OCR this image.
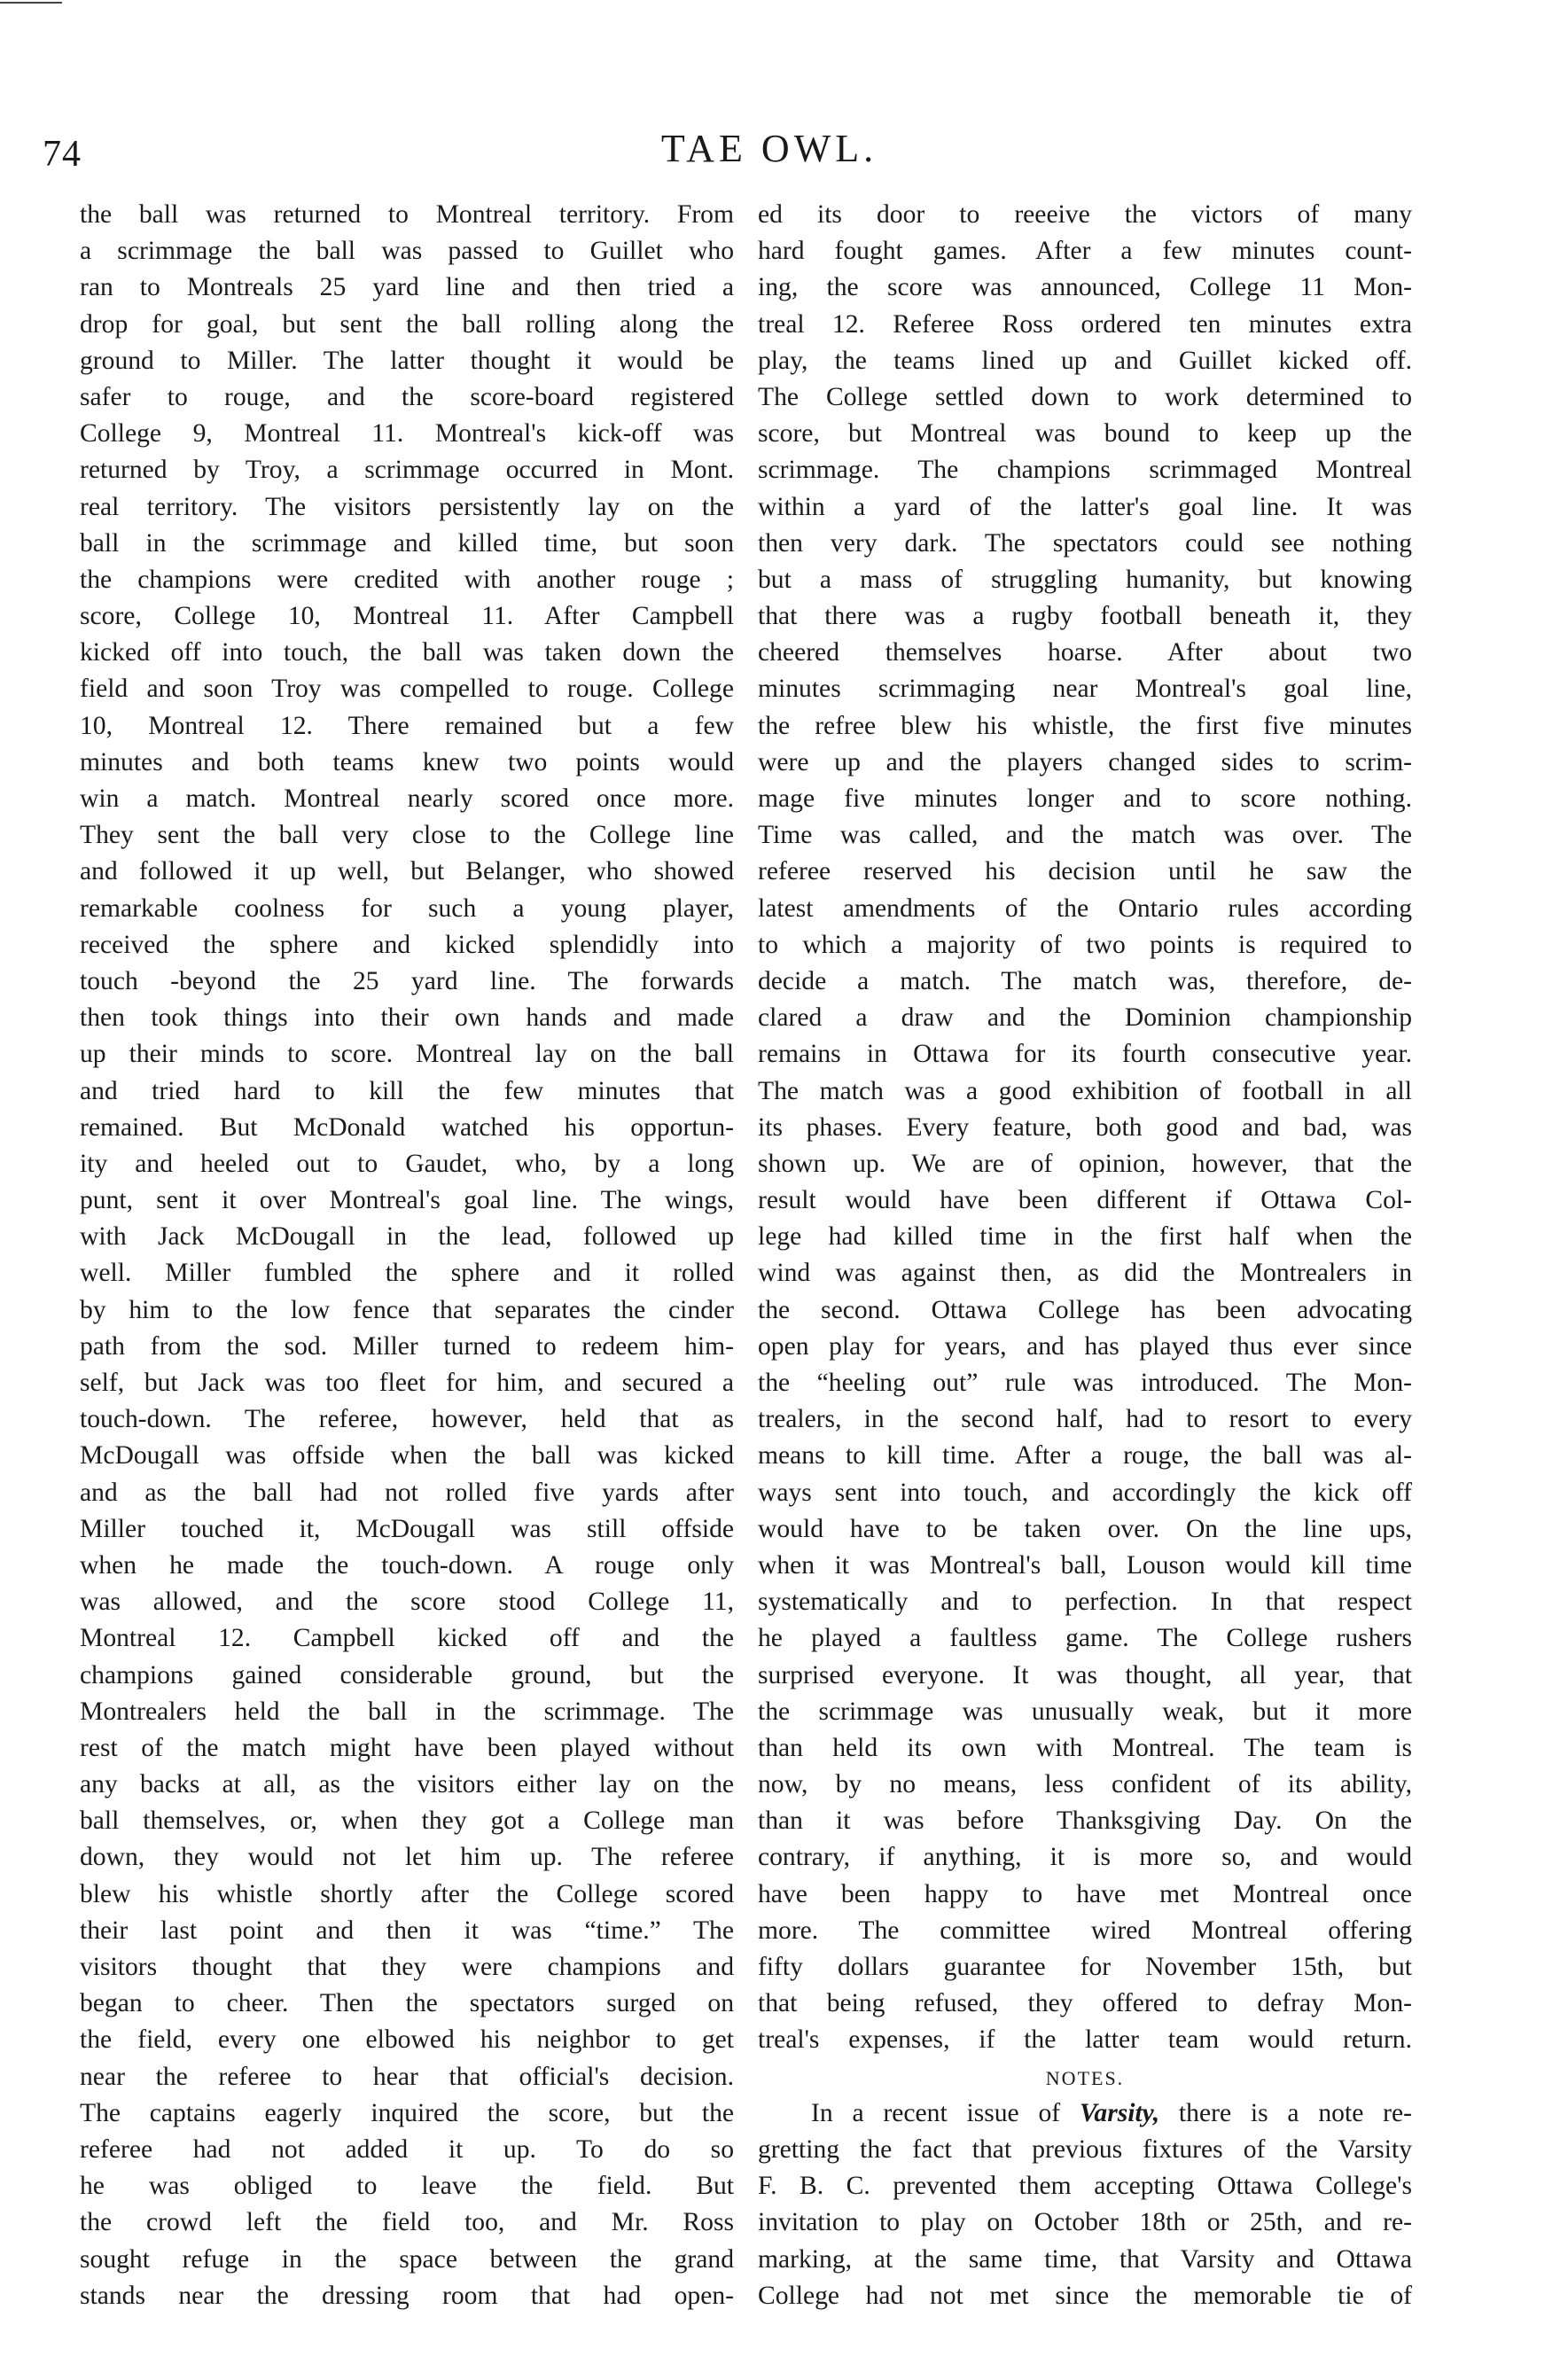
74	TAE OWL.
the ball was returned to Montreal territory. From
a scrimmage the ball was passed to Guillet who
ran to Montreals 25 yard line and then tried a
drop for goal, but sent the ball rolling along the
ground to Miller. The latter thought it would be
safer to rouge, and the score-board registered
College 9, Montreal 11. Montreal's kick-off was
returned by Troy, a scrimmage occurred in Mont.
real territory. The visitors persistently lay on the
ball in the scrimmage and killed time, but soon
the champions were credited with another rouge ;
score, College 10, Montreal 11. After Campbell
kicked off into touch, the ball was taken down the
field and soon Troy was compelled to rouge. College
10, Montreal 12. There remained but a few
minutes and both teams knew two points would
win a match. Montreal nearly scored once more.
They sent the ball very close to the College line
and followed it up well, but Belanger, who showed
remarkable coolness for such a young player,
received the sphere and kicked splendidly into
touch -beyond the 25 yard line. The forwards
then took things into their own hands and made
up their minds to score. Montreal lay on the ball
and tried hard to kill the few minutes that
remained. But McDonald watched his opportun-
ity and heeled out to Gaudet, who, by a long
punt, sent it over Montreal's goal line. The wings,
with Jack McDougall in the lead, followed up
well. Miller fumbled the sphere and it rolled
by him to the low fence that separates the cinder
path from the sod. Miller turned to redeem him-
self, but Jack was too fleet for him, and secured a
touch-down. The referee, however, held that as
McDougall was offside when the ball was kicked
and as the ball had not rolled five yards after
Miller touched it, McDougall was still offside
when he made the touch-down. A rouge only
was allowed, and the score stood College 11,
Montreal 12. Campbell kicked off and the
champions gained considerable ground, but the
Montrealers held the ball in the scrimmage. The
rest of the match might have been played without
any backs at all, as the visitors either lay on the
ball themselves, or, when they got a College man
down, they would not let him up. The referee
blew his whistle shortly after the College scored
their last point and then it was “time.” The
visitors thought that they were champions and
began to cheer. Then the spectators surged on
the field, every one elbowed his neighbor to get
near the referee to hear that official's decision.
The captains eagerly inquired the score, but the
referee had not added it up. To do so
he was obliged to leave the field. But
the crowd left the field too, and Mr. Ross
sought refuge in the space between the grand
stands near the dressing room that had open-
ed its door to reeeive the victors of many
hard fought games. After a few minutes count-
ing, the score was announced, College 11 Mon-
treal 12. Referee Ross ordered ten minutes extra
play, the teams lined up and Guillet kicked off.
The College settled down to work determined to
score, but Montreal was bound to keep up the
scrimmage. The champions scrimmaged Montreal
within a yard of the latter's goal line. It was
then very dark. The spectators could see nothing
but a mass of struggling humanity, but knowing
that there was a rugby football beneath it, they
cheered themselves hoarse. After about two
minutes scrimmaging near Montreal's goal line,
the refree blew his whistle, the first five minutes
were up and the players changed sides to scrim-
mage five minutes longer and to score nothing.
Time was called, and the match was over. The
referee reserved his decision until he saw the
latest amendments of the Ontario rules according
to which a majority of two points is required to
decide a match. The match was, therefore, de-
clared a draw and the Dominion championship
remains in Ottawa for its fourth consecutive year.
The match was a good exhibition of football in all
its phases. Every feature, both good and bad, was
shown up. We are of opinion, however, that the
result would have been different if Ottawa Col-
lege had killed time in the first half when the
wind was against then, as did the Montrealers in
the second. Ottawa College has been advocating
open play for years, and has played thus ever since
the “heeling out” rule was introduced. The Mon-
trealers, in the second half, had to resort to every
means to kill time. After a rouge, the ball was al-
ways sent into touch, and accordingly the kick off
would have to be taken over. On the line ups,
when it was Montreal's ball, Louson would kill time
systematically and to perfection. In that respect
he played a faultless game. The College rushers
surprised everyone. It was thought, all year, that
the scrimmage was unusually weak, but it more
than held its own with Montreal. The team is
now, by no means, less confident of its ability,
than it was before Thanksgiving Day. On the
contrary, if anything, it is more so, and would
have been happy to have met Montreal once
more. The committee wired Montreal offering
fifty dollars guarantee for November 15th, but
that being refused, they offered to defray Mon-
treal's expenses, if the latter team would return.
NOTES.
In a recent issue of Varsity, there is a note re-
gretting the fact that previous fixtures of the Varsity
F. B. C. prevented them accepting Ottawa College's
invitation to play on October 18th or 25th, and re-
marking, at the same time, that Varsity and Ottawa
College had not met since the memorable tie of
